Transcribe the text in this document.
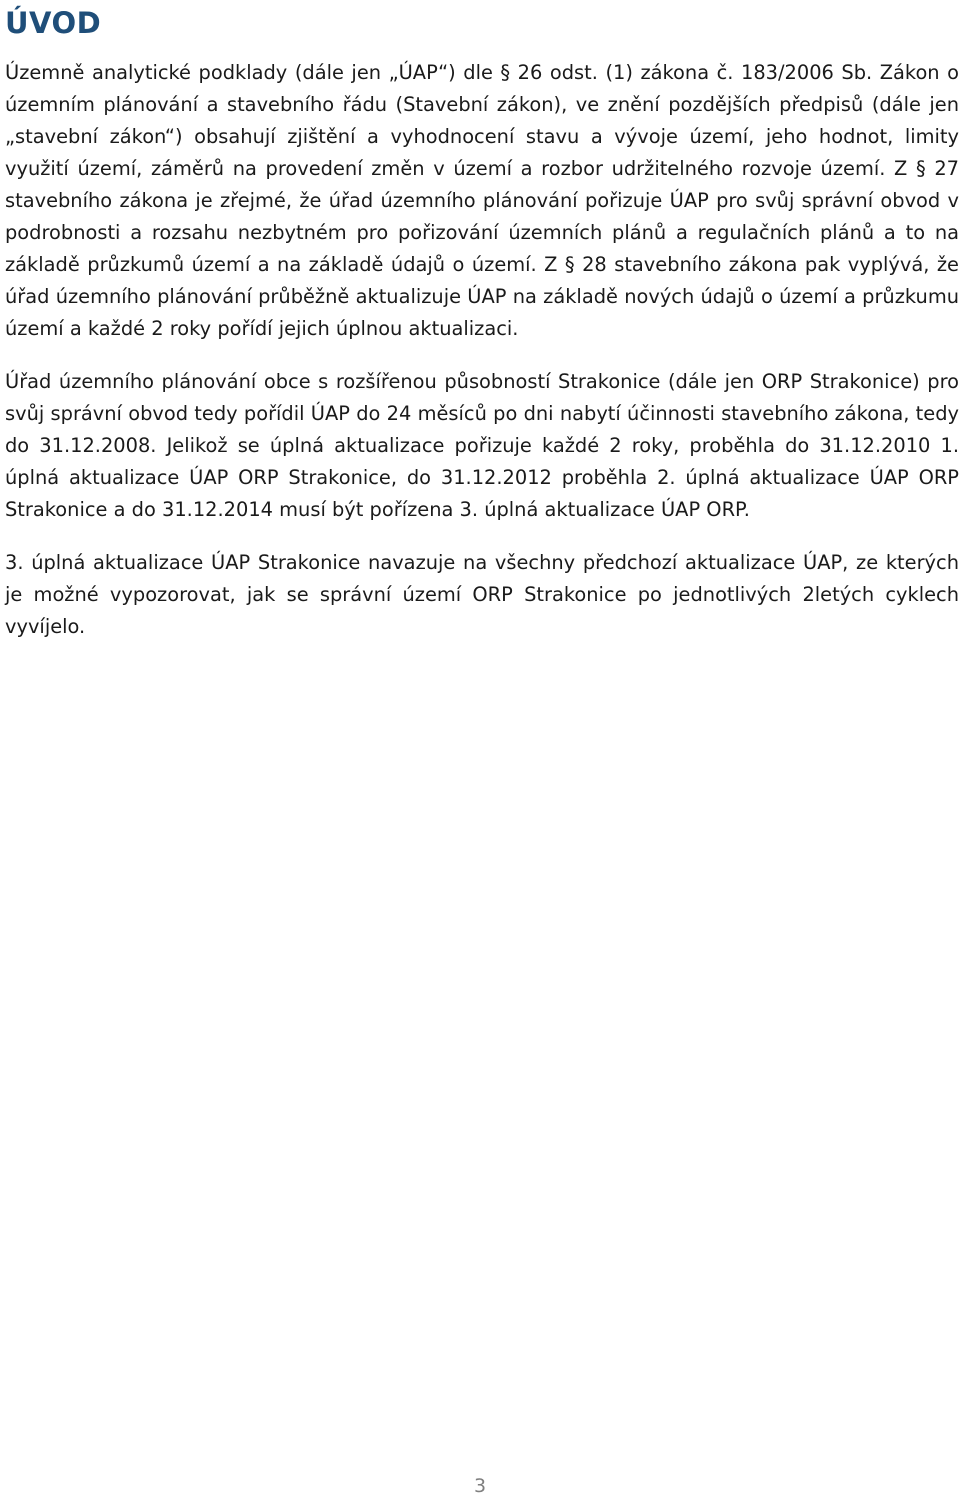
ÚVOD

Územně analytické podklady (dále jen „ÚAP“) dle § 26 odst. (1) zákona č. 183/2006 Sb. Zákon o územním plánování a stavebního řádu (Stavební zákon), ve znění pozdějších předpisů (dále jen „stavební zákon“) obsahují zjištění a vyhodnocení stavu a vývoje území, jeho hodnot, limity využití území, záměrů na provedení změn v území a rozbor udržitelného rozvoje území. Z § 27 stavebního zákona je zřejmé, že úřad územního plánování pořizuje ÚAP pro svůj správní obvod v podrobnosti a rozsahu nezbytném pro pořizování územních plánů a regulačních plánů a to na základě průzkumů území a na základě údajů o území. Z § 28 stavebního zákona pak vyplývá, že úřad územního plánování průběžně aktualizuje ÚAP na základě nových údajů o území a průzkumu území a každé 2 roky pořídí jejich úplnou aktualizaci.

Úřad územního plánování obce s rozšířenou působností Strakonice (dále jen ORP Strakonice) pro svůj správní obvod tedy pořídil ÚAP do 24 měsíců po dni nabytí účinnosti stavebního zákona, tedy do 31.12.2008. Jelikož se úplná aktualizace pořizuje každé 2 roky, proběhla do 31.12.2010 1. úplná aktualizace ÚAP ORP Strakonice, do 31.12.2012 proběhla 2. úplná aktualizace ÚAP ORP Strakonice a do 31.12.2014 musí být pořízena 3. úplná aktualizace ÚAP ORP.

3. úplná aktualizace ÚAP Strakonice navazuje na všechny předchozí aktualizace ÚAP, ze kterých je možné vypozorovat, jak se správní území ORP Strakonice po jednotlivých 2letých cyklech vyvíjelo.

3
